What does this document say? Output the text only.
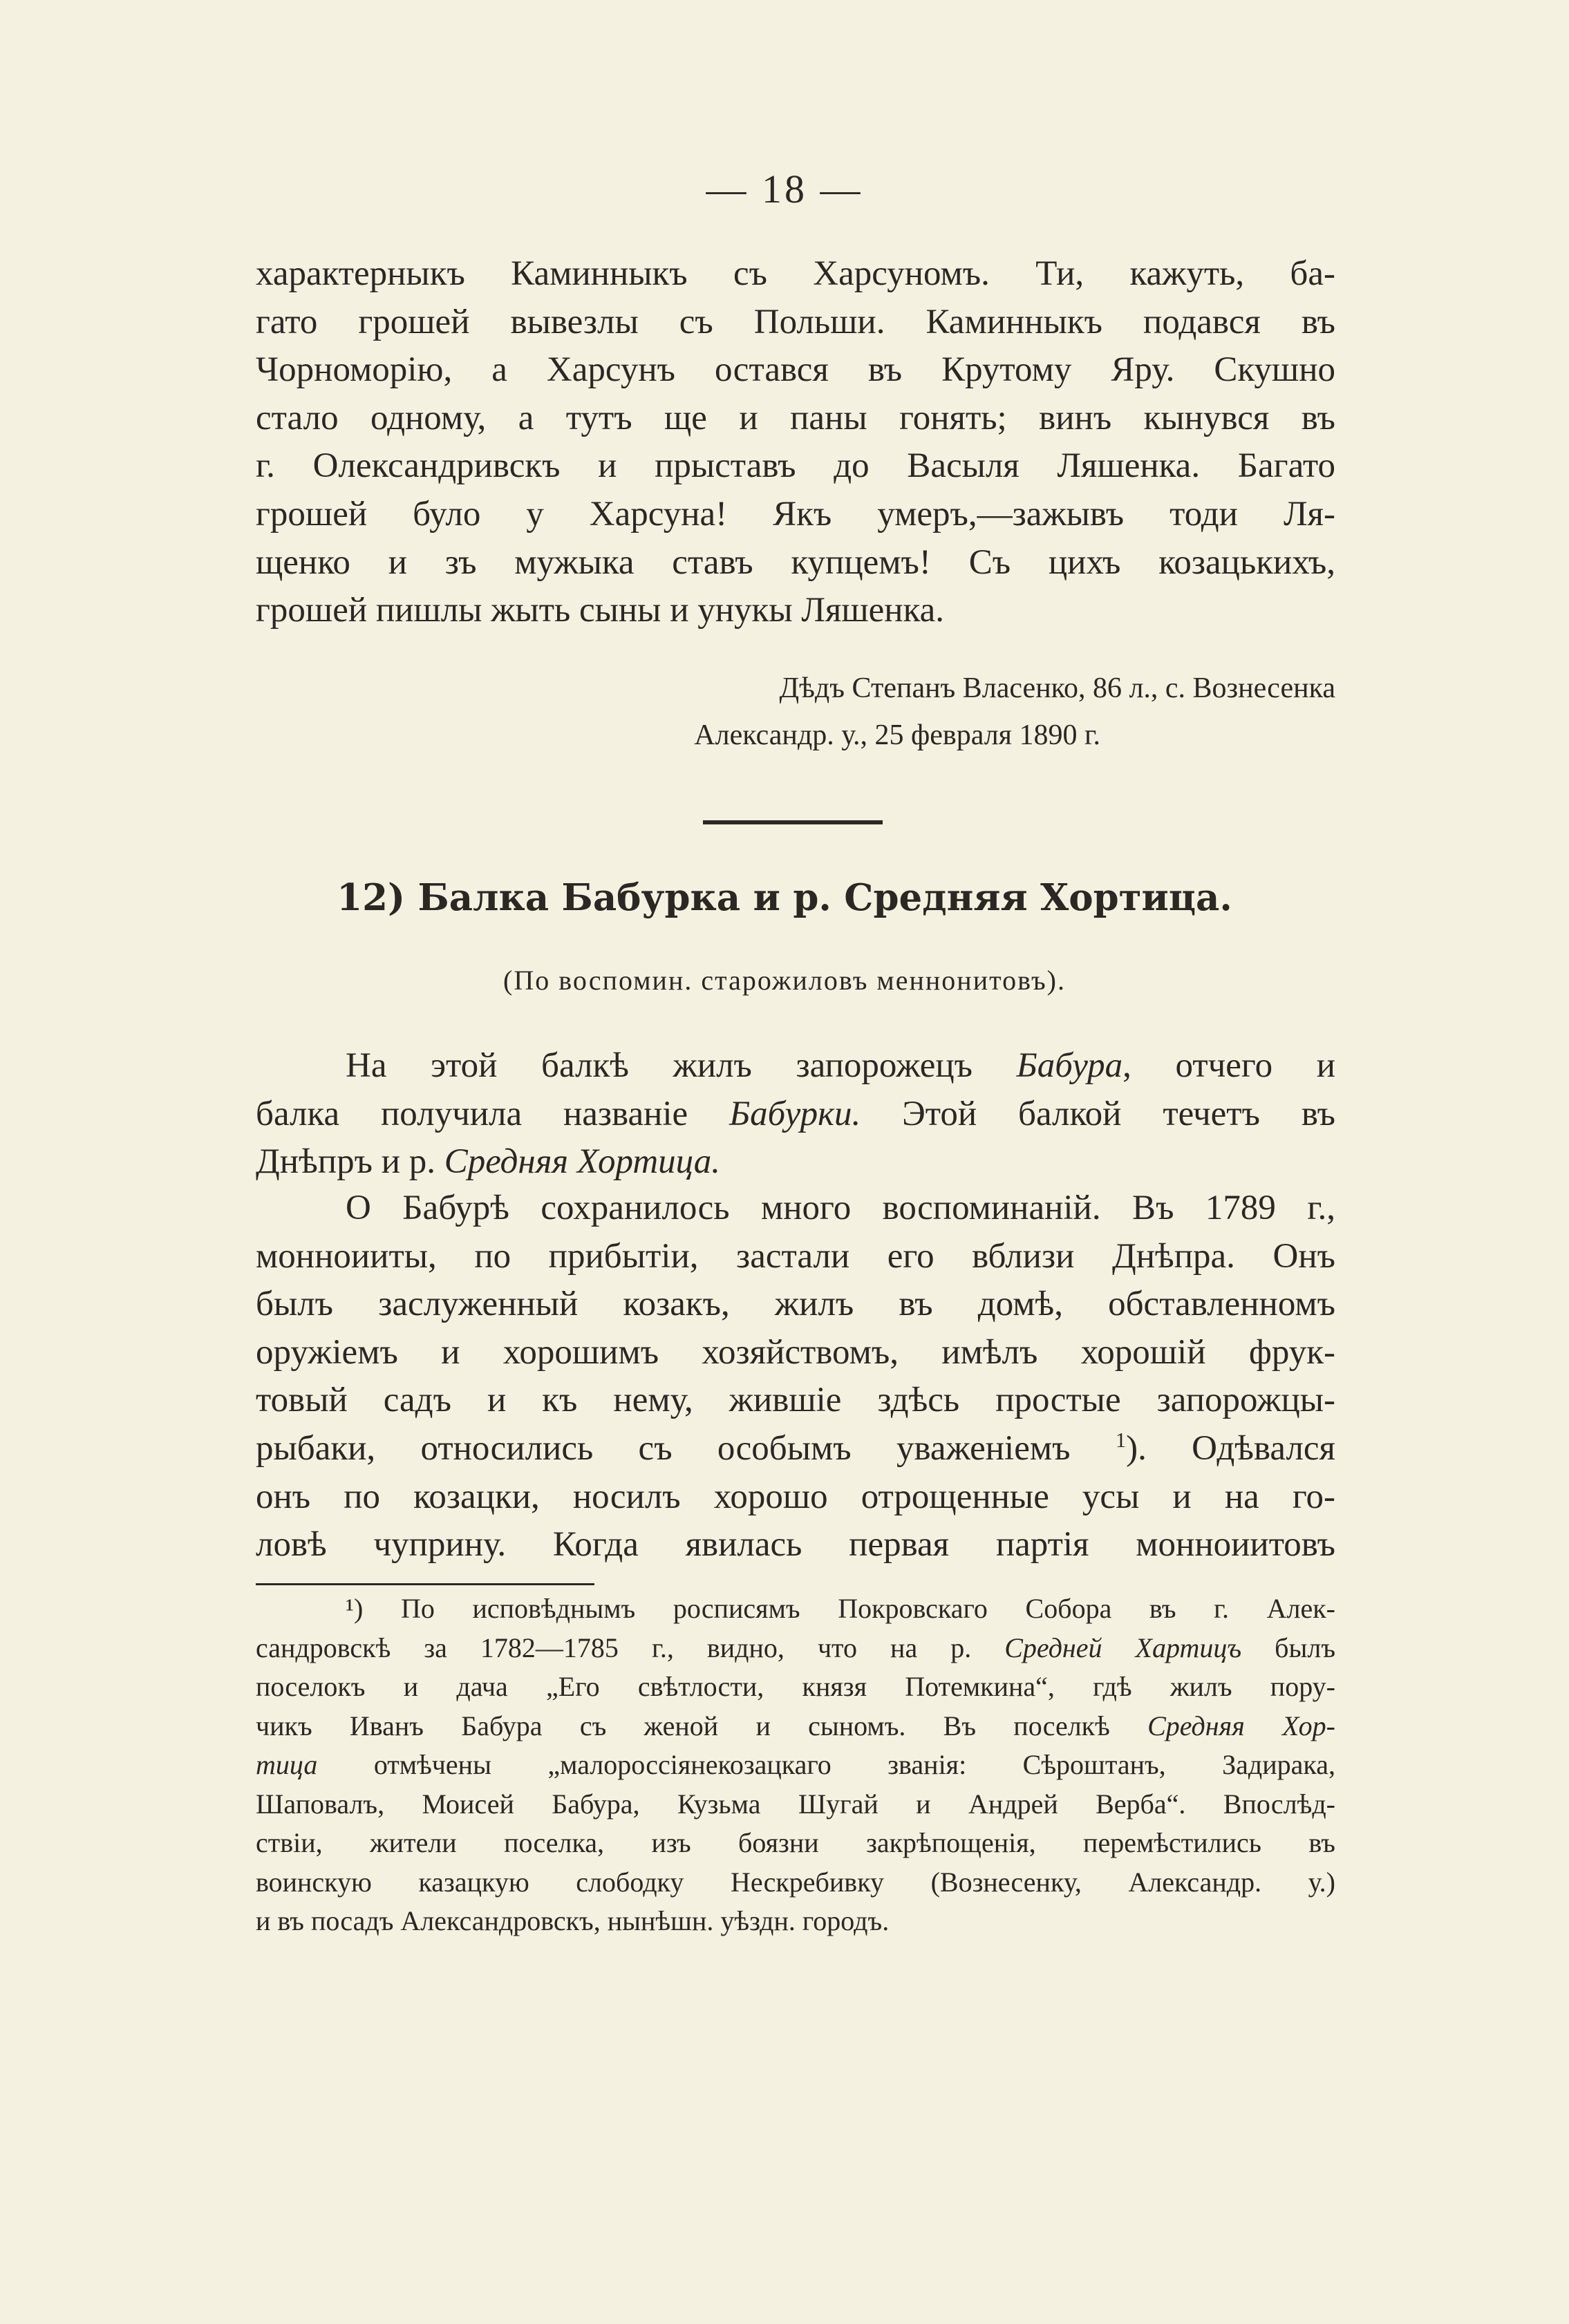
— 18 —
характерныкъ Каминныкъ съ Харсуномъ. Ти, кажуть, ба-
гато грошей вывезлы съ Польши. Каминныкъ подався въ
Чорноморію, а Харсунъ остався въ Крутому Яру. Скушно
стало одному, а тутъ ще и паны гонять; винъ кынувся въ
г. Олександривскъ и прыставъ до Васыля Ляшенка. Багато
грошей було у Харсуна! Якъ умеръ,—зажывъ тоди Ля-
щенко и зъ мужыка ставъ купцемъ! Съ цихъ козацькихъ,
грошей пишлы жыть сыны и унукы Ляшенка.
Дѣдъ Степанъ Власенко, 86 л., с. Вознесенка
Александр. у., 25 февраля 1890 г.
12) Балка Бабурка и р. Средняя Хортица.
(По воспомин. старожиловъ меннонитовъ).
На этой балкѣ жилъ запорожецъ Бабура, отчего и
балка получила названіе Бабурки. Этой балкой течетъ въ
Днѣпръ и р. Средняя Хортица.
О Бабурѣ сохранилось много воспоминаній. Въ 1789 г.,
монноииты, по прибытіи, застали его вблизи Днѣпра. Онъ
былъ заслуженный козакъ, жилъ въ домѣ, обставленномъ
оружіемъ и хорошимъ хозяйствомъ, имѣлъ хорошій фрук-
товый садъ и къ нему, жившіе здѣсь простые запорожцы-
рыбаки, относились съ особымъ уваженіемъ $^1$). Одѣвался
онъ по козацки, носилъ хорошо отрощенные усы и на го-
ловѣ чуприну. Когда явилась первая партія монноиитовъ
¹) По исповѣднымъ росписямъ Покровскаго Собора въ г. Алек-
сандровскѣ за 1782—1785 г., видно, что на р. Средней Хартицъ былъ
поселокъ и дача „Его свѣтлости, князя Потемкина“, гдѣ жилъ пору-
чикъ Иванъ Бабура съ женой и сыномъ. Въ поселкѣ Средняя Хор-
тица отмѣчены „малороссіянекозацкаго званія: Сѣроштанъ, Задирака,
Шаповалъ, Моисей Бабура, Кузьма Шугай и Андрей Верба“. Впослѣд-
ствіи, жители поселка, изъ боязни закрѣпощенія, перемѣстились въ
воинскую казацкую слободку Нескребивку (Вознесенку, Александр. у.)
и въ посадъ Александровскъ, нынѣшн. уѣздн. городъ.
